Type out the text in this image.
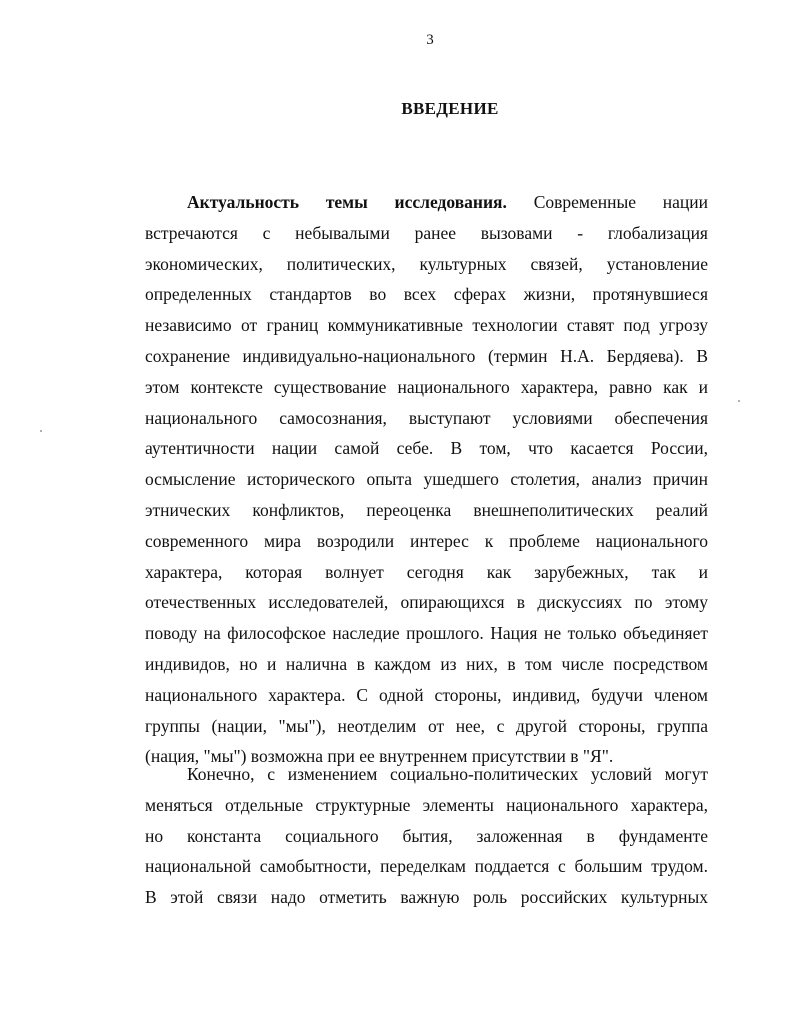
3
ВВЕДЕНИЕ
Актуальность темы исследования. Современные нации
встречаются с небывалыми ранее вызовами - глобализация
экономических, политических, культурных связей, установление
определенных стандартов во всех сферах жизни, протянувшиеся
независимо от границ коммуникативные технологии ставят под угрозу
сохранение индивидуально-национального (термин Н.А. Бердяева). В
этом контексте существование национального характера, равно как и
национального самосознания, выступают условиями обеспечения
аутентичности нации самой себе. В том, что касается России,
осмысление исторического опыта ушедшего столетия, анализ причин
этнических конфликтов, переоценка внешнеполитических реалий
современного мира возродили интерес к проблеме национального
характера, которая волнует сегодня как зарубежных, так и
отечественных исследователей, опирающихся в дискуссиях по этому
поводу на философское наследие прошлого. Нация не только объединяет
индивидов, но и налична в каждом из них, в том числе посредством
национального характера. С одной стороны, индивид, будучи членом
группы (нации, "мы"), неотделим от нее, с другой стороны, группа
(нация, "мы") возможна при ее внутреннем присутствии в "Я".
Конечно, с изменением социально-политических условий могут
меняться отдельные структурные элементы национального характера,
но константа социального бытия, заложенная в фундаменте
национальной самобытности, переделкам поддается с большим трудом.
В этой связи надо отметить важную роль российских культурных
